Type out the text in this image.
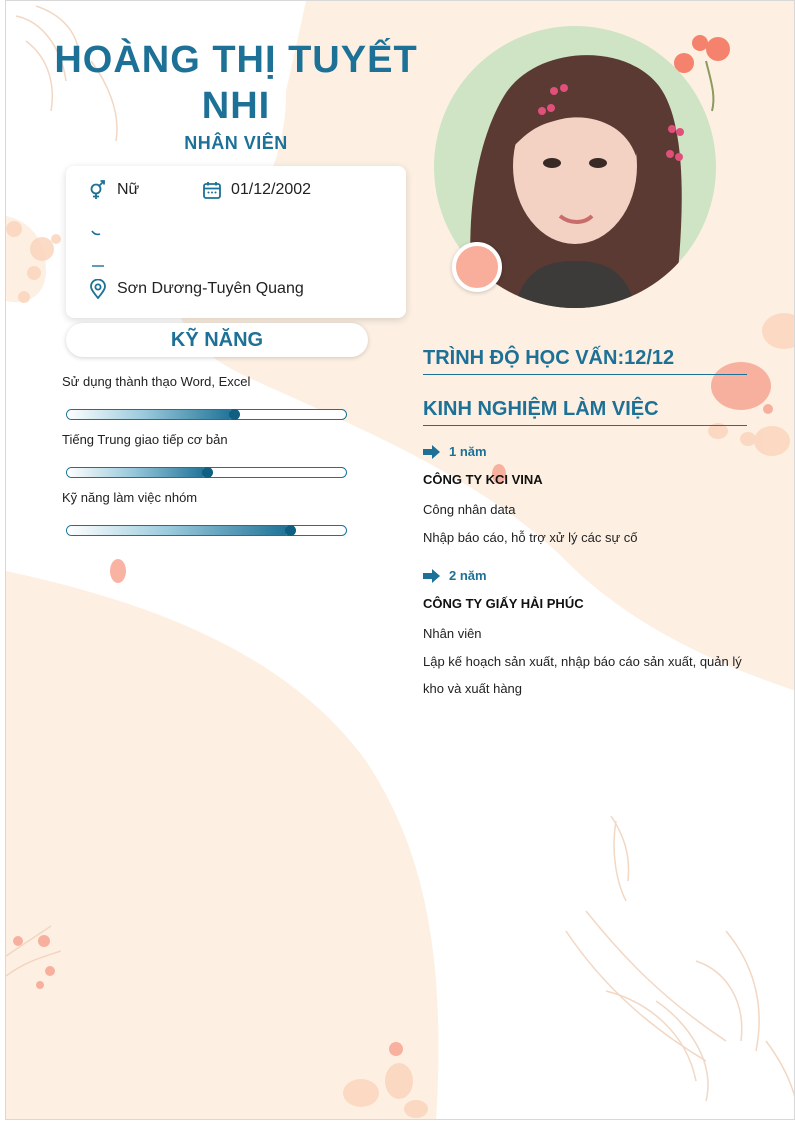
HOÀNG THỊ TUYẾT NHI
NHÂN VIÊN
Nữ	01/12/2002
Sơn Dương-Tuyên Quang
KỸ NĂNG
Sử dụng thành thạo Word, Excel
Tiếng Trung giao tiếp cơ bản
Kỹ năng làm việc nhóm
TRÌNH ĐỘ HỌC VẤN:12/12
KINH NGHIỆM LÀM VIỆC
1 năm
CÔNG TY KCI VINA
Công nhân data
Nhập báo cáo, hỗ trợ xử lý các sự cố
2 năm
CÔNG TY GIẤY HẢI PHÚC
Nhân viên
Lập kế hoạch sản xuất, nhập báo cáo sản xuất, quản lý kho và xuất hàng
